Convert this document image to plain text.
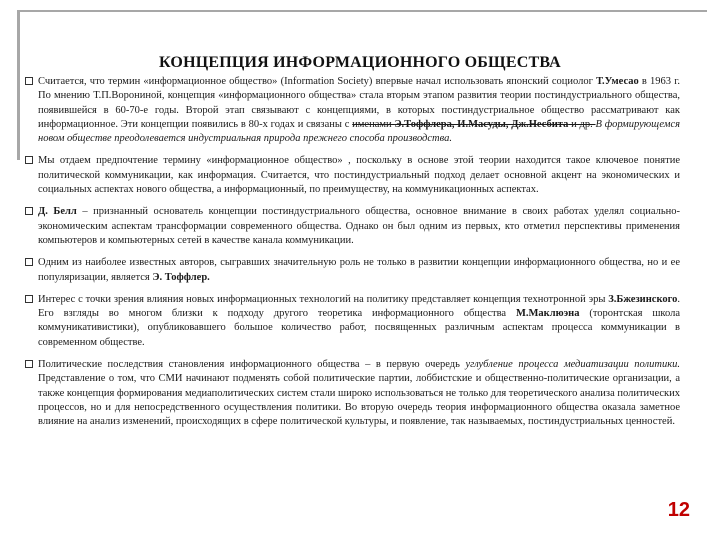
КОНЦЕПЦИЯ ИНФОРМАЦИОННОГО ОБЩЕСТВА

Считается, что термин «информационное общество» (Information Society) впервые начал использовать японский социолог Т.Умесао в 1963 г. По мнению Т.П.Ворониной, концепция «информационного общества» стала вторым этапом развития теории постиндустриального общества, появившейся в 60-70-е годы. Второй этап связывают с концепциями, в которых постиндустриальное общество рассматривают как информационное. Эти концепции появились в 80-х годах и связаны с именами Э.Тоффлера, И.Масуды, Дж.Несбита и др. В формирующемся новом обществе преодолевается индустриальная природа прежнего способа производства.

Мы отдаем предпочтение термину «информационное общество» , поскольку в основе этой теории находится такое ключевое понятие политической коммуникации, как информация. Считается, что постиндустриальный подход делает основной акцент на экономических и социальных аспектах нового общества, а информационный, по преимуществу, на коммуникационных аспектах.

Д. Белл – признанный основатель концепции постиндустриального общества, основное внимание в своих работах уделял социально-экономическим аспектам трансформации современного общества. Однако он был одним из первых, кто отметил перспективы применения компьютеров и компьютерных сетей в качестве канала коммуникации.

Одним из наиболее известных авторов, сыгравших значительную роль не только в развитии концепции информационного общества, но и ее популяризации, является Э. Тоффлер.

Интерес с точки зрения влияния новых информационных технологий на политику представляет концепция технотронной эры З.Бжезинского. Его взгляды во многом близки к подходу другого теоретика информационного общества М.Маклюэна (торонтская школа коммуникативистики), опубликовавшего большое количество работ, посвященных различным аспектам процесса коммуникации в современном обществе.

Политические последствия становления информационного общества – в первую очередь углубление процесса медиатизации политики. Представление о том, что СМИ начинают подменять собой политические партии, лоббистские и общественно-политические организации, а также концепция формирования медиаполитических систем стали широко использоваться не только для теоретического анализа политических процессов, но и для непосредственного осуществления политики. Во вторую очередь теория информационного общества оказала заметное влияние на анализ изменений, происходящих в сфере политической культуры, и появление, так называемых, постиндустриальных ценностей.

12
